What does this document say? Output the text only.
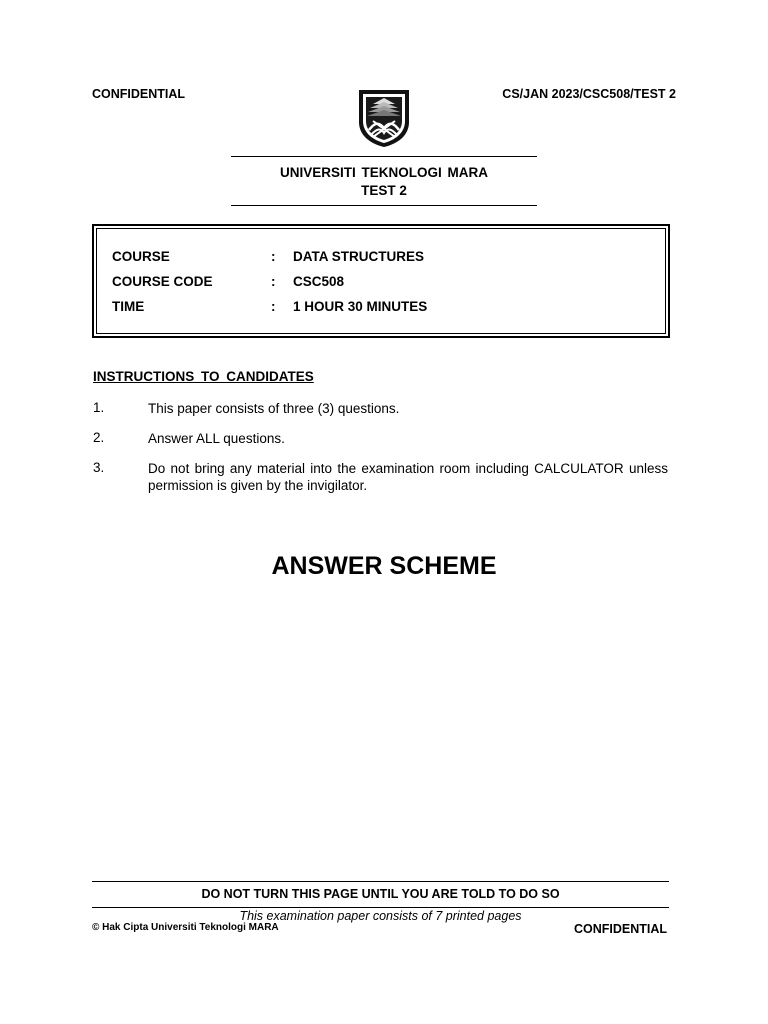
CONFIDENTIAL	CS/JAN 2023/CSC508/TEST 2
UNIVERSITI TEKNOLOGI MARA
TEST 2
COURSE	: DATA STRUCTURES
COURSE CODE	: CSC508
TIME	: 1 HOUR 30 MINUTES
INSTRUCTIONS TO CANDIDATES
1.	This paper consists of three (3) questions.
2.	Answer ALL questions.
3.	Do not bring any material into the examination room including CALCULATOR unless permission is given by the invigilator.
ANSWER SCHEME
DO NOT TURN THIS PAGE UNTIL YOU ARE TOLD TO DO SO
This examination paper consists of 7 printed pages
© Hak Cipta Universiti Teknologi MARA	CONFIDENTIAL
